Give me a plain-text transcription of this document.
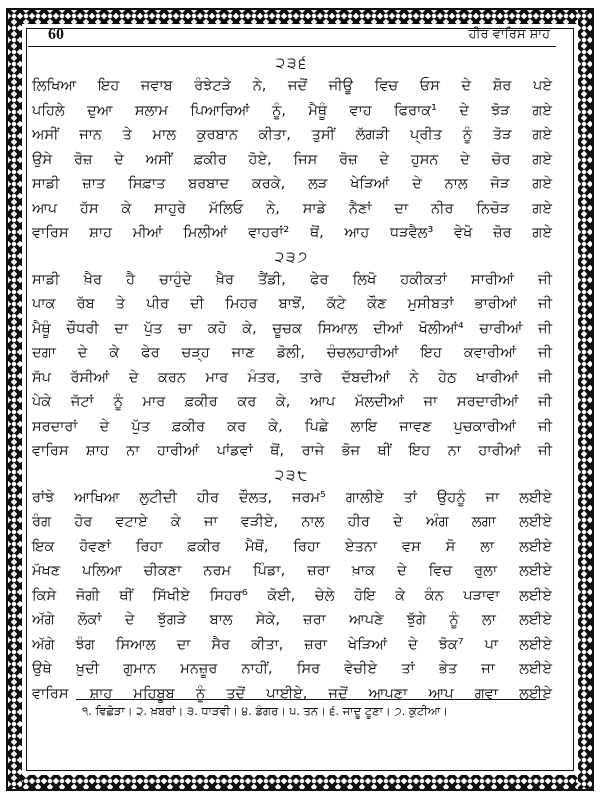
60	ਹੀਰ ਵਾਰਿਸ ਸ਼ਾਹ
੨੩੬
ਲਿਖਿਆ ਇਹ ਜਵਾਬ ਰੰਝੇਟੜੇ ਨੇ, ਜਦੋਂ ਜੀਊ ਵਿਚ ਓਸ ਦੇ ਸ਼ੋਰ ਪਏ
ਪਹਿਲੇ ਦੁਆ ਸਲਾਮ ਪਿਆਰਿਆਂ ਨੂੰ, ਮੈਥੂੰ ਵਾਹ ਫਿਰਾਕ¹ ਦੇ ਝੋੜ ਗਏ
ਅਸੀਂ ਜਾਨ ਤੇ ਮਾਲ ਕੁਰਬਾਨ ਕੀਤਾ, ਤੁਸੀਂ ਲੱਗੜੀ ਪ੍ਰੀਤ ਨੂੰ ਤੋੜ ਗਏ
ਉਸੇ ਰੋਜ਼ ਦੇ ਅਸੀਂ ਫ਼ਕੀਰ ਹੋਏ, ਜਿਸ ਰੋਜ਼ ਦੇ ਹੁਸਨ ਦੇ ਚੋਰ ਗਏ
ਸਾਡੀ ਜ਼ਾਤ ਸਿਫ਼ਾਤ ਬਰਬਾਦ ਕਰਕੇ, ਲੜ ਖੇੜਿਆਂ ਦੇ ਨਾਲ ਜੋੜ ਗਏ
ਆਪ ਹੱਸ ਕੇ ਸਾਹੁਰੇ ਮੱਲਿਓ ਨੇ, ਸਾਡੇ ਨੈਣਾਂ ਦਾ ਨੀਰ ਨਿਚੋੜ ਗਏ
ਵਾਰਿਸ ਸ਼ਾਹ ਮੀਆਂ ਮਿਲੀਆਂ ਵਾਹਰਾਂ² ਥੋਂ, ਆਹ ਧੜਵੈਲ³ ਵੇਖੋ ਜ਼ੋਰ ਗਏ
੨੩੭
ਸਾਡੀ ਖ਼ੈਰ ਹੈ ਚਾਹੁੰਦੇ ਖ਼ੈਰ ਤੈਂਡੀ, ਫੇਰ ਲਿਖੋ ਹਕੀਕਤਾਂ ਸਾਰੀਆਂ ਜੀ
ਪਾਕ ਰੱਬ ਤੇ ਪੀਰ ਦੀ ਮਿਹਰ ਬਾਝੋਂ, ਕੱਟੇ ਕੌਣ ਮੁਸੀਬਤਾਂ ਭਾਰੀਆਂ ਜੀ
ਮੈਥੂੰ ਚੌਧਰੀ ਦਾ ਪੁੱਤ ਚਾ ਕਹੋ ਕੇ, ਚੂਚਕ ਸਿਆਲ ਦੀਆਂ ਖੋਲੀਆਂ⁴ ਚਾਰੀਆਂ ਜੀ
ਦਗਾ ਦੇ ਕੇ ਫੇਰ ਚੜ੍ਹ ਜਾਣ ਡੋਲੀ, ਚੰਚਲਹਾਰੀਆਂ ਇਹ ਕਵਾਰੀਆਂ ਜੀ
ਸੱਪ ਰੱਸੀਆਂ ਦੇ ਕਰਨ ਮਾਰ ਮੰਤਰ, ਤਾਰੇ ਦੱਬਦੀਆਂ ਨੇ ਹੇਠ ਖਾਰੀਆਂ ਜੀ
ਪੇਕੇ ਜੱਟਾਂ ਨੂੰ ਮਾਰ ਫ਼ਕੀਰ ਕਰ ਕੇ, ਆਪ ਮੱਲਦੀਆਂ ਜਾ ਸਰਦਾਰੀਆਂ ਜੀ
ਸਰਦਾਰਾਂ ਦੇ ਪੁੱਤ ਫ਼ਕੀਰ ਕਰ ਕੇ, ਪਿਛੇ ਲਾਇ ਜਾਵਣ ਪੁਚਕਾਰੀਆਂ ਜੀ
ਵਾਰਿਸ ਸ਼ਾਹ ਨਾ ਹਾਰੀਆਂ ਪਾਂਡਵਾਂ ਥੋਂ, ਰਾਜੇ ਭੋਜ ਥੀਂ ਇਹ ਨਾ ਹਾਰੀਆਂ ਜੀ
੨੩੮
ਰਾਂਝੇ ਆਖਿਆ ਲੁਟੀਦੀ ਹੀਰ ਦੌਲਤ, ਜਰਮ⁵ ਗਾਲੀਏ ਤਾਂ ਉਹਨੂੰ ਜਾ ਲਈਏ
ਰੰਗ ਹੋਰ ਵਟਾਏ ਕੇ ਜਾ ਵੜੀਏ, ਨਾਲ ਹੀਰ ਦੇ ਅੰਗ ਲਗਾ ਲਈਏ
ਇਕ ਹੋਵਣਾਂ ਰਿਹਾ ਫ਼ਕੀਰ ਮੈਥੋਂ, ਰਿਹਾ ਏਤਨਾ ਵਸ ਸੋ ਲਾ ਲਈਏ
ਮੱਖਣ ਪਲਿਆ ਚੀਕਣਾ ਨਰਮ ਪਿੰਡਾ, ਜ਼ਰਾ ਖ਼ਾਕ ਦੇ ਵਿਚ ਰੁਲਾ ਲਈਏ
ਕਿਸੇ ਜੋਗੀ ਥੀਂ ਸਿੱਖੀਏ ਸਿਹਰ⁶ ਕੋਈ, ਚੇਲੇ ਹੋਇ ਕੇ ਕੰਨ ਪੜਾਵਾ ਲਈਏ
ਅੱਗੇ ਲੋਕਾਂ ਦੇ ਝੁੱਗੜੇ ਬਾਲ ਸੇਕੇ, ਜ਼ਰਾ ਆਪਣੇ ਝੁੱਗੇ ਨੂੰ ਲਾ ਲਈਏ
ਅੱਗੇ ਝੰਗ ਸਿਆਲ ਦਾ ਸੈਰ ਕੀਤਾ, ਜ਼ਰਾ ਖੇੜਿਆਂ ਦੇ ਝੋਕ⁷ ਪਾ ਲਈਏ
ਉਥੇ ਖ਼ੁਦੀ ਗੁਮਾਨ ਮਨਜ਼ੂਰ ਨਾਹੀਂ, ਸਿਰ ਵੇਚੀਏ ਤਾਂ ਭੇਤ ਜਾ ਲਈਏ
ਵਾਰਿਸ ਸ਼ਾਹ ਮਹਿਬੂਬ ਨੂੰ ਤਦੋਂ ਪਾਈਏ, ਜਦੋਂ ਆਪਣਾ ਆਪ ਗਵਾ ਲਈਏ
੧. ਵਿਛੋੜਾ। ੨. ਖ਼ਬਰਾਂ। ੩. ਧਾੜਵੀ। ੪. ਡੰਗਰ। ੫. ਤਨ। ੬. ਜਾਦੂ ਟੂਣਾ। ੭. ਕੁਟੀਆ।
